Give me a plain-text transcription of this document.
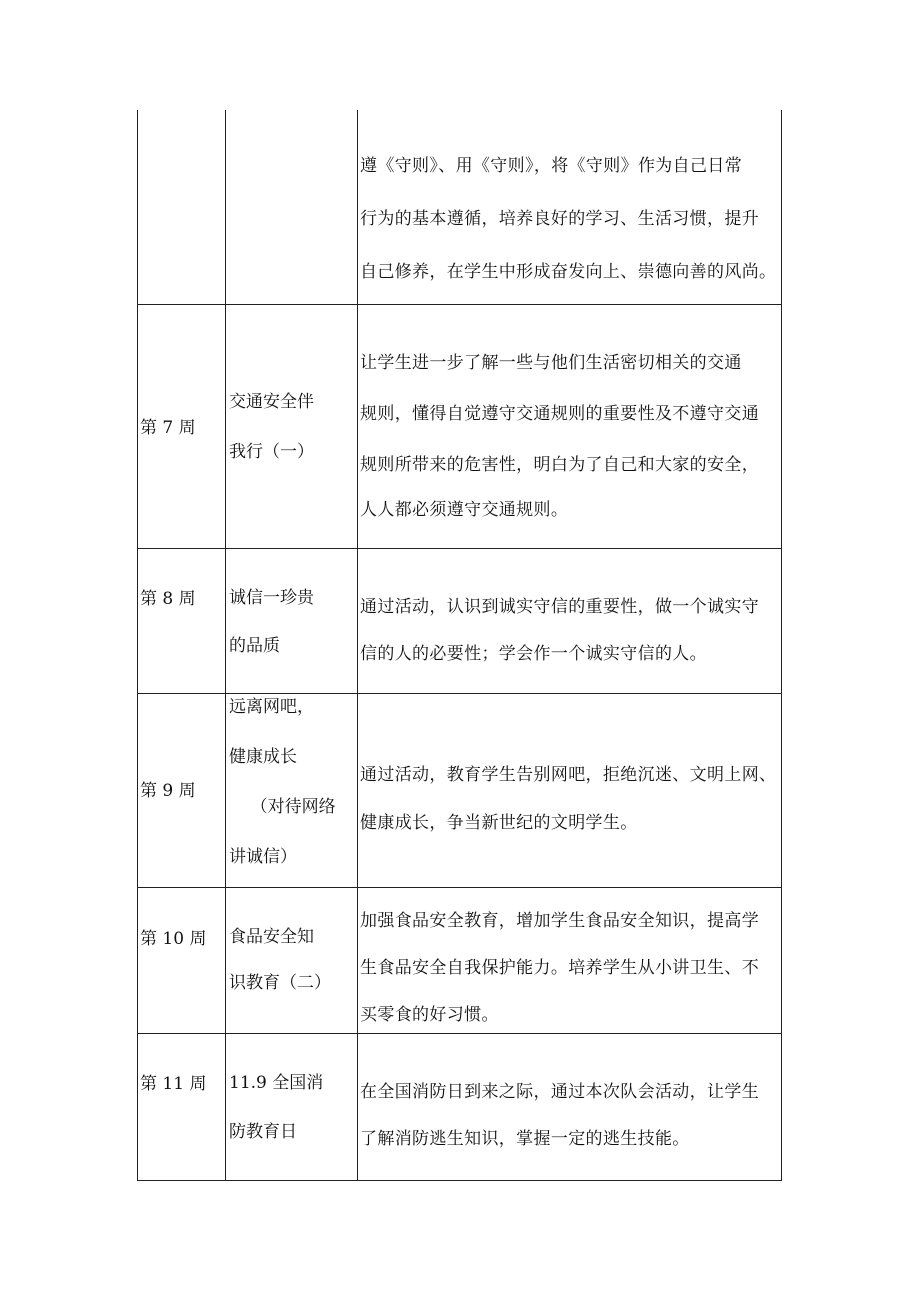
遵《守则》、用《守则》，将《守则》作为自己日常
行为的基本遵循，培养良好的学习、生活习惯，提升
自己修养，在学生中形成奋发向上、崇德向善的风尚。
第 7 周
交通安全伴
我行（一）
让学生进一步了解一些与他们生活密切相关的交通
规则，懂得自觉遵守交通规则的重要性及不遵守交通
规则所带来的危害性，明白为了自己和大家的安全，
人人都必须遵守交通规则。
第 8 周 诚信一珍贵
的品质
通过活动，认识到诚实守信的重要性，做一个诚实守
信的人的必要性；学会作一个诚实守信的人。
第 9 周
远离网吧，
健康成长
（对待网络
讲诚信）
通过活动，教育学生告别网吧，拒绝沉迷、文明上网、
健康成长，争当新世纪的文明学生。
第 10 周 食品安全知
识教育（二）
加强食品安全教育，增加学生食品安全知识，提高学
生食品安全自我保护能力。培养学生从小讲卫生、不
买零食的好习惯。
第 11 周 11.9 全国消
防教育日
在全国消防日到来之际，通过本次队会活动，让学生
了解消防逃生知识，掌握一定的逃生技能。
